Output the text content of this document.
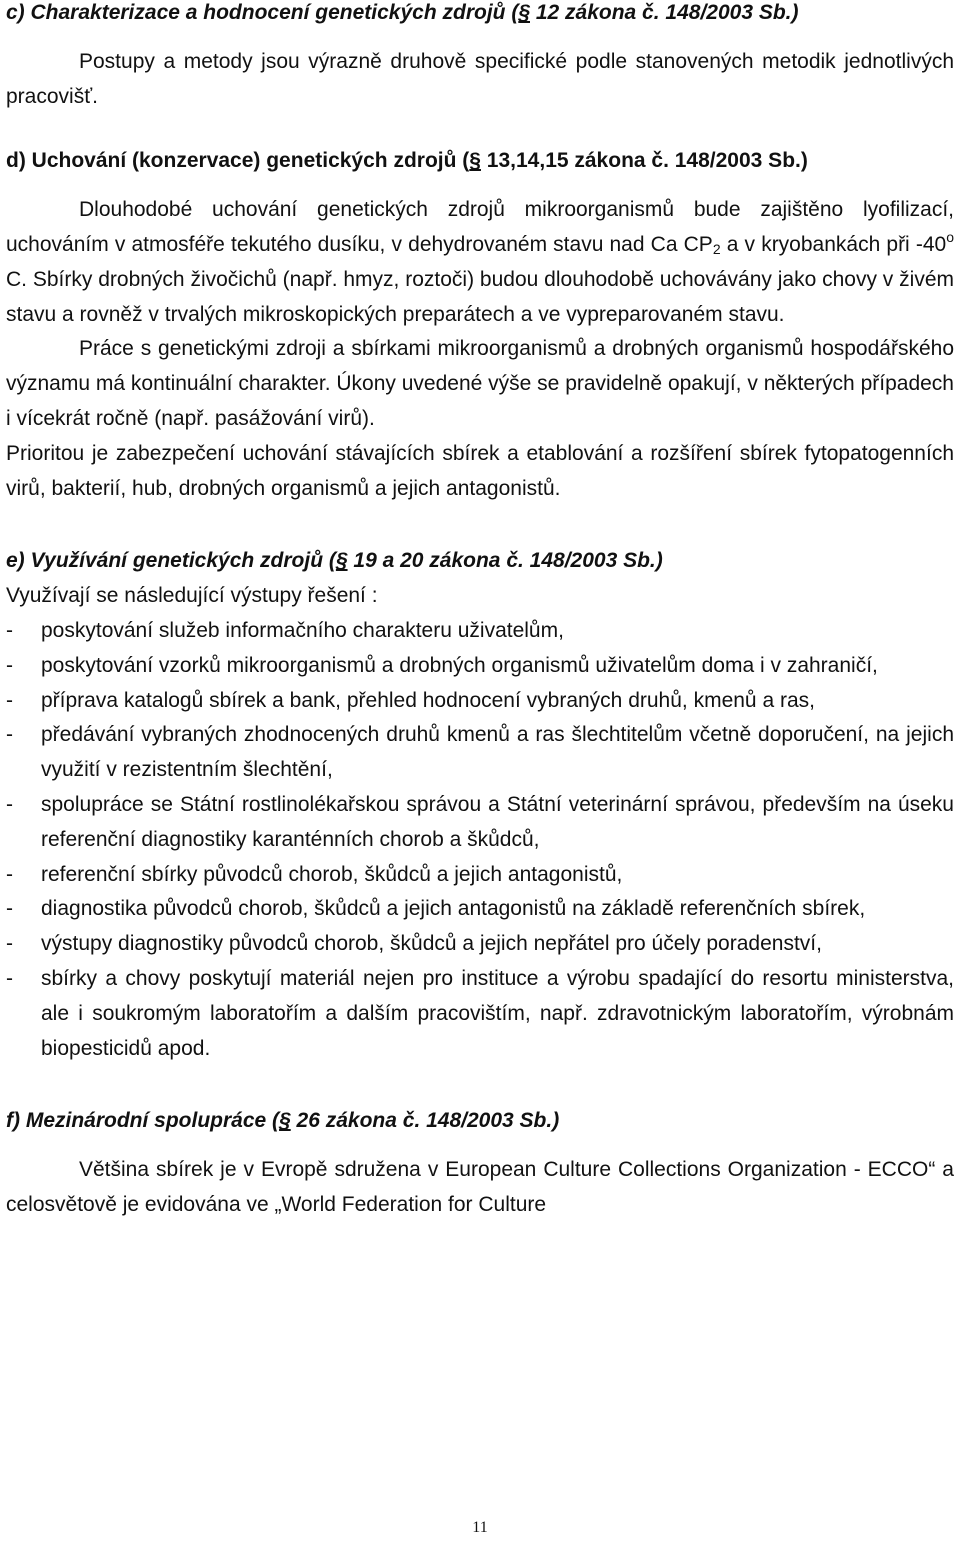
c) Charakterizace a hodnocení genetických zdrojů (§ 12 zákona č. 148/2003 Sb.)

Postupy a metody jsou výrazně druhově specifické podle stanovených metodik jednotlivých pracovišť.

d) Uchování (konzervace) genetických zdrojů (§ 13,14,15 zákona č. 148/2003 Sb.)

Dlouhodobé uchování genetických zdrojů mikroorganismů bude zajištěno lyofilizací, uchováním v atmosféře tekutého dusíku, v dehydrovaném stavu nad Ca $CP_2$ a v kryobankách při -40$^o$ C. Sbírky drobných živočichů (např. hmyz, roztoči) budou dlouhodobě uchovávány jako chovy v živém stavu a rovněž v trvalých mikroskopických preparátech a ve vypreparovaném stavu.

Práce s genetickými zdroji a sbírkami mikroorganismů a drobných organismů hospodářského významu má kontinuální charakter. Úkony uvedené výše se pravidelně opakují, v některých případech i vícekrát ročně (např. pasážování virů).

Prioritou je zabezpečení uchování stávajících sbírek a etablování a rozšíření sbírek fytopatogenních virů, bakterií, hub, drobných organismů a jejich antagonistů.

e) Využívání genetických zdrojů (§ 19 a 20 zákona č. 148/2003 Sb.)

Využívají se následující výstupy řešení :

- poskytování služeb informačního charakteru uživatelům,
- poskytování vzorků mikroorganismů a drobných organismů uživatelům doma i v zahraničí,
- příprava katalogů sbírek a bank, přehled hodnocení vybraných druhů, kmenů a ras,
- předávání vybraných zhodnocených druhů kmenů a ras šlechtitelům včetně doporučení, na jejich využití v rezistentním šlechtění,
- spolupráce se Státní rostlinolékařskou správou a Státní veterinární správou, především na úseku referenční diagnostiky karanténních chorob a škůdců,
- referenční sbírky původců chorob, škůdců a jejich antagonistů,
- diagnostika původců chorob, škůdců a jejich antagonistů na základě referenčních sbírek,
- výstupy diagnostiky původců chorob, škůdců a jejich nepřátel pro účely poradenství,
- sbírky a chovy poskytují materiál nejen pro instituce a výrobu spadající do resortu ministerstva, ale i soukromým laboratořím a dalším pracovištím, např. zdravotnickým laboratořím, výrobnám biopesticidů apod.

f) Mezinárodní spolupráce (§ 26 zákona č. 148/2003 Sb.)

Většina sbírek je v Evropě sdružena v European Culture Collections Organization - ECCO“ a celosvětově je evidována ve „World Federation for Culture

11
